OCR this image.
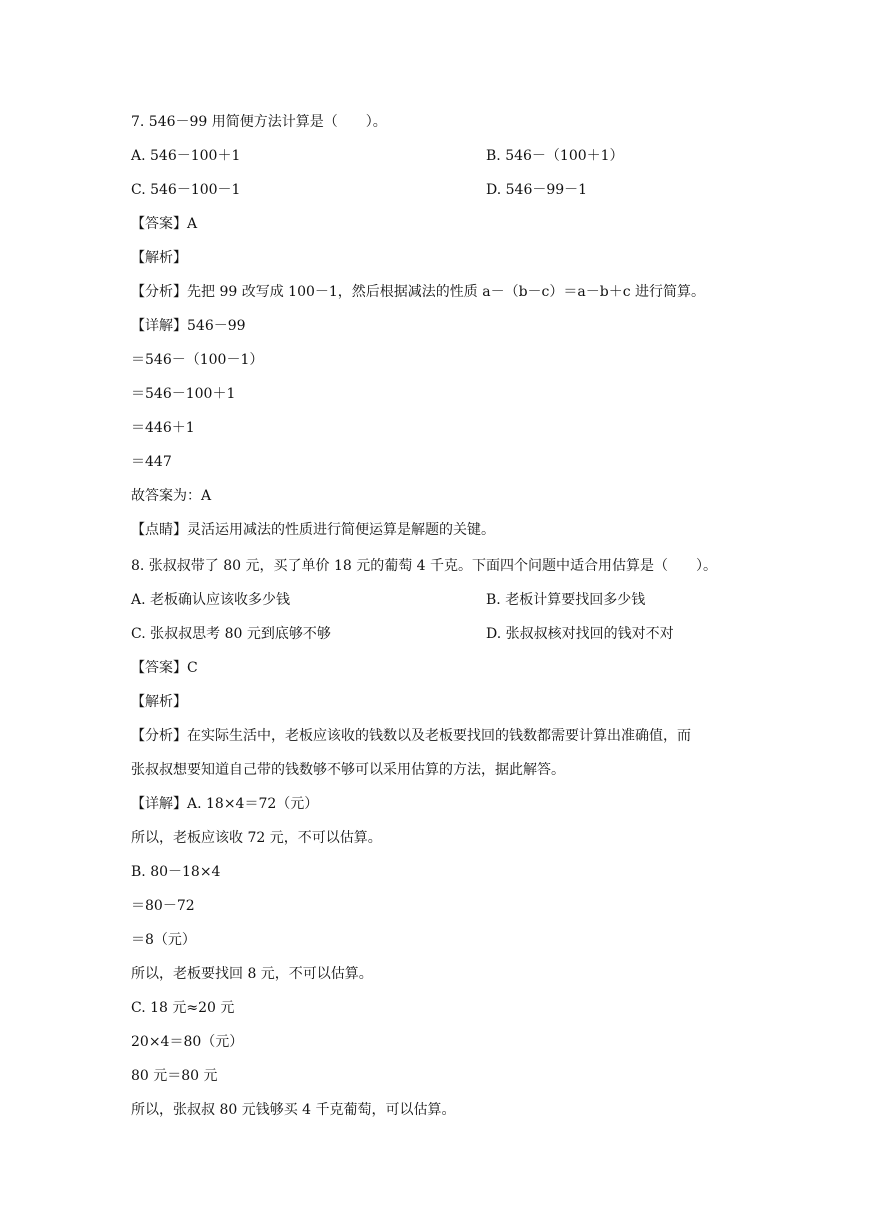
7. 546－99 用简便方法计算是（　　）。
A. 546－100＋1	B. 546－（100＋1）
C. 546－100－1	D. 546－99－1
【答案】A
【解析】
【分析】先把 99 改写成 100－1，然后根据减法的性质 a－（b－c）＝a－b＋c 进行简算。
【详解】546－99
＝546－（100－1）
＝546－100＋1
＝446＋1
＝447
故答案为：A
【点睛】灵活运用减法的性质进行简便运算是解题的关键。
8. 张叔叔带了 80 元，买了单价 18 元的葡萄 4 千克。下面四个问题中适合用估算是（　　）。
A. 老板确认应该收多少钱	B. 老板计算要找回多少钱
C. 张叔叔思考 80 元到底够不够	D. 张叔叔核对找回的钱对不对
【答案】C
【解析】
【分析】在实际生活中，老板应该收的钱数以及老板要找回的钱数都需要计算出准确值，而
张叔叔想要知道自己带的钱数够不够可以采用估算的方法，据此解答。
【详解】A. 18×4＝72（元）
所以，老板应该收 72 元，不可以估算。
B. 80－18×4
＝80－72
＝8（元）
所以，老板要找回 8 元，不可以估算。
C. 18 元≈20 元
20×4＝80（元）
80 元＝80 元
所以，张叔叔 80 元钱够买 4 千克葡萄，可以估算。
